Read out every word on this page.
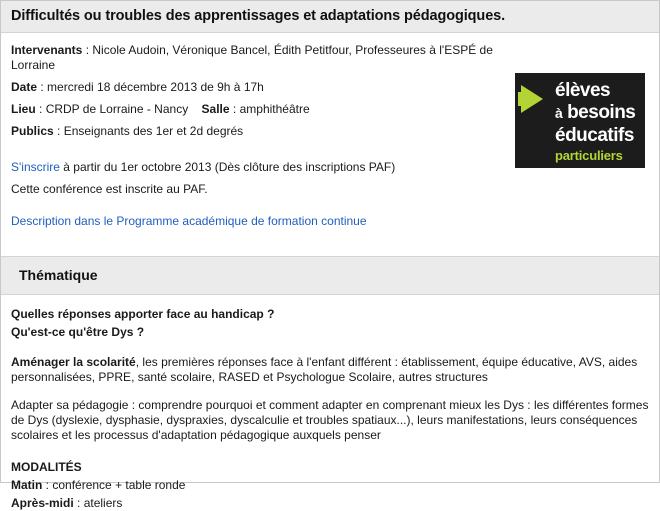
Difficultés ou troubles des apprentissages et adaptations pédagogiques.

Intervenants : Nicole Audoin, Véronique Bancel, Édith Petitfour, Professeures à l'ESPÉ de Lorraine

Date : mercredi 18 décembre 2013 de 9h à 17h

Lieu : CRDP de Lorraine - Nancy Salle : amphithéâtre

Publics : Enseignants des 1er et 2d degrés

S'inscrire à partir du 1er octobre 2013 (Dès clôture des inscriptions PAF)

Cette conférence est inscrite au PAF.

Description dans le Programme académique de formation continue

élèves
à besoins
éducatifs
particuliers
Thématique

Quelles réponses apporter face au handicap ?

Qu'est-ce qu'être Dys ?

Aménager la scolarité, les premières réponses face à l'enfant différent : établissement, équipe éducative, AVS, aides personnalisées, PPRE, santé scolaire, RASED et Psychologue Scolaire, autres structures

Adapter sa pédagogie : comprendre pourquoi et comment adapter en comprenant mieux les Dys : les différentes formes de Dys (dyslexie, dysphasie, dyspraxies, dyscalculie et troubles spatiaux...), leurs manifestations, leurs conséquences scolaires et les processus d'adaptation pédagogique auxquels penser

MODALITÉS

Matin : conférence + table ronde

Après-midi : ateliers
